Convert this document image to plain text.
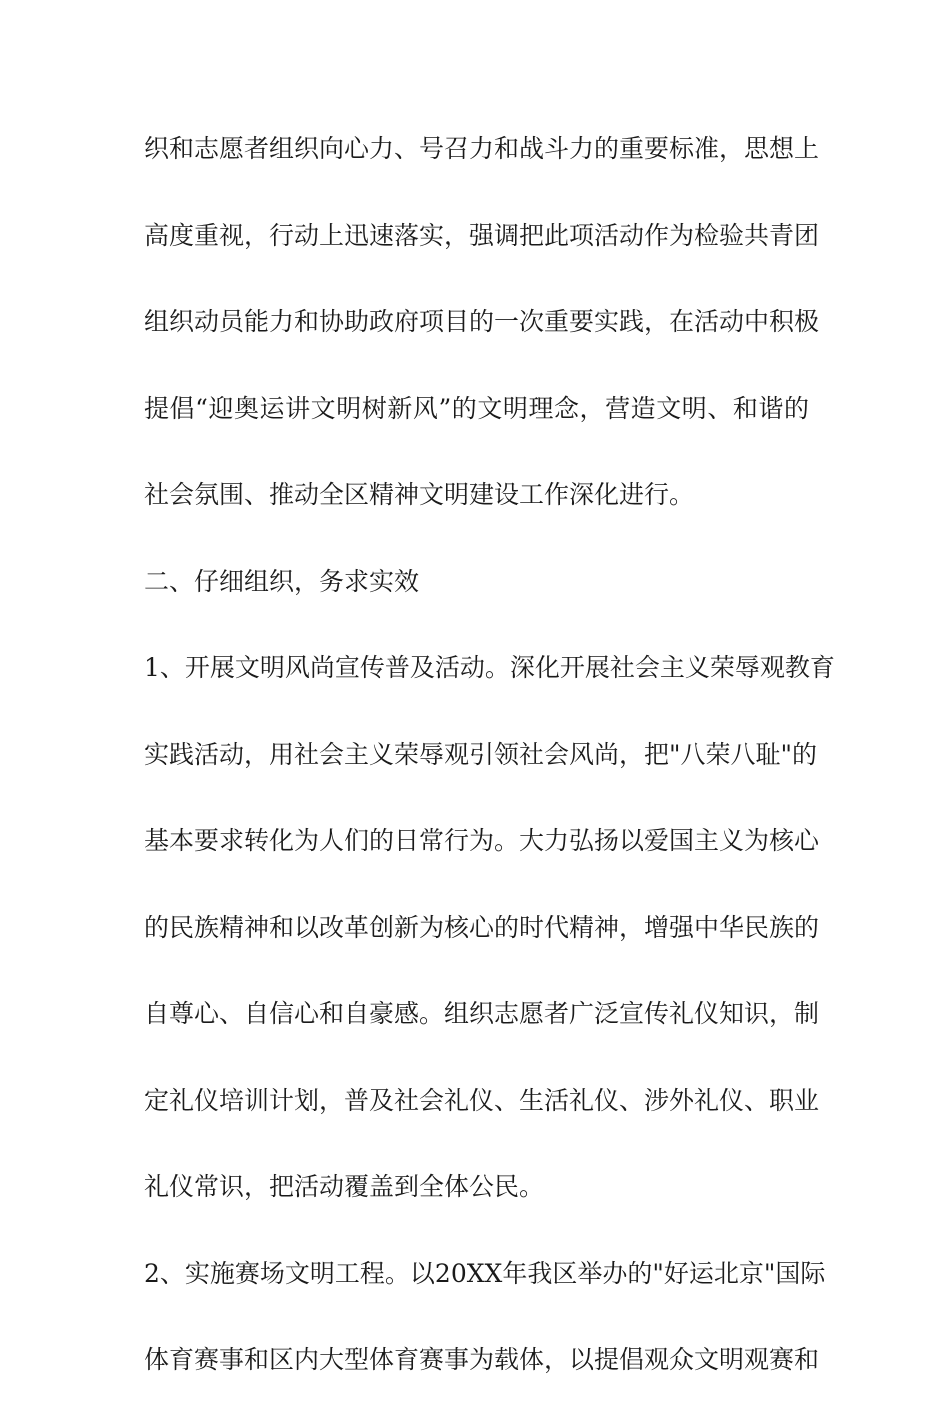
织和志愿者组织向心力、号召力和战斗力的重要标准，思想上
高度重视，行动上迅速落实，强调把此项活动作为检验共青团
组织动员能力和协助政府项目的一次重要实践，在活动中积极
提倡“迎奥运讲文明树新风”的文明理念，营造文明、和谐的
社会氛围、推动全区精神文明建设工作深化进行。
二、仔细组织，务求实效
1、开展文明风尚宣传普及活动。深化开展社会主义荣辱观教育
实践活动，用社会主义荣辱观引领社会风尚，把"八荣八耻"的
基本要求转化为人们的日常行为。大力弘扬以爱国主义为核心
的民族精神和以改革创新为核心的时代精神，增强中华民族的
自尊心、自信心和自豪感。组织志愿者广泛宣传礼仪知识，制
定礼仪培训计划，普及社会礼仪、生活礼仪、涉外礼仪、职业
礼仪常识，把活动覆盖到全体公民。
2、实施赛场文明工程。以20XX年我区举办的"好运北京"国际
体育赛事和区内大型体育赛事为载体，以提倡观众文明观赛和
